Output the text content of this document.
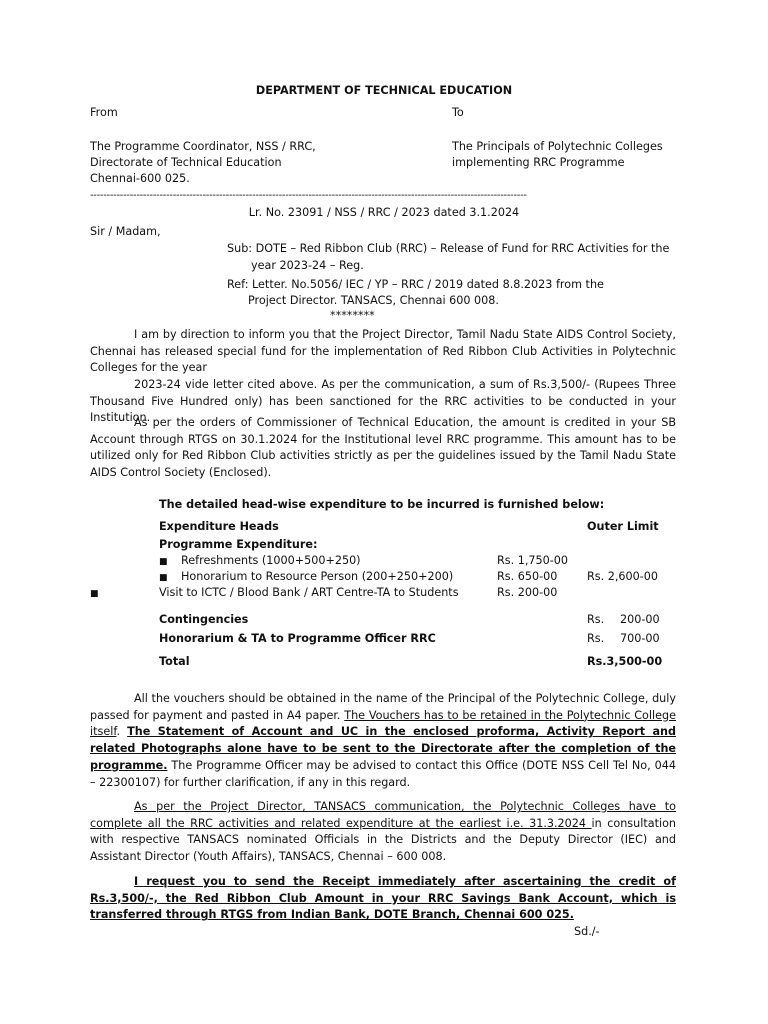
DEPARTMENT OF TECHNICAL EDUCATION
From	To
The Programme Coordinator, NSS / RRC,
Directorate of Technical Education
Chennai-600 025.
The Principals of Polytechnic Colleges
implementing RRC Programme
------------------------------------------------------------------------------------------------------------------------------------
Lr. No. 23091 / NSS / RRC / 2023 dated 3.1.2024
Sir / Madam,
Sub: DOTE – Red Ribbon Club (RRC) – Release of Fund for RRC Activities for the
year 2023-24 – Reg.
Ref: Letter. No.5056/ IEC / YP – RRC / 2019 dated 8.8.2023 from the
Project Director. TANSACS, Chennai 600 008.
********
I am by direction to inform you that the Project Director, Tamil Nadu State AIDS Control Society, Chennai has released special fund for the implementation of Red Ribbon Club Activities in Polytechnic Colleges for the year
2023-24 vide letter cited above. As per the communication, a sum of Rs.3,500/- (Rupees Three Thousand Five Hundred only) has been sanctioned for the RRC activities to be conducted in your Institution.
As per the orders of Commissioner of Technical Education, the amount is credited in your SB Account through RTGS on 30.1.2024 for the Institutional level RRC programme. This amount has to be utilized only for Red Ribbon Club activities strictly as per the guidelines issued by the Tamil Nadu State AIDS Control Society (Enclosed).
The detailed head-wise expenditure to be incurred is furnished below:
Expenditure Heads	Outer Limit
Programme Expenditure:
■ Refreshments (1000+500+250)	Rs. 1,750-00
■ Honorarium to Resource Person (200+250+200)	Rs. 650-00	Rs. 2,600-00
■	Visit to ICTC / Blood Bank / ART Centre-TA to Students	Rs. 200-00
Contingencies	Rs. 200-00
Honorarium & TA to Programme Officer RRC	Rs. 700-00
Total	Rs.3,500-00
All the vouchers should be obtained in the name of the Principal of the Polytechnic College, duly passed for payment and pasted in A4 paper. The Vouchers has to be retained in the Polytechnic College itself. The Statement of Account and UC in the enclosed proforma, Activity Report and related Photographs alone have to be sent to the Directorate after the completion of the programme. The Programme Officer may be advised to contact this Office (DOTE NSS Cell Tel No, 044 – 22300107) for further clarification, if any in this regard.
As per the Project Director, TANSACS communication, the Polytechnic Colleges have to complete all the RRC activities and related expenditure at the earliest i.e. 31.3.2024 in consultation with respective TANSACS nominated Officials in the Districts and the Deputy Director (IEC) and Assistant Director (Youth Affairs), TANSACS, Chennai – 600 008.
I request you to send the Receipt immediately after ascertaining the credit of Rs.3,500/-, the Red Ribbon Club Amount in your RRC Savings Bank Account, which is transferred through RTGS from Indian Bank, DOTE Branch, Chennai 600 025.
Sd./-
